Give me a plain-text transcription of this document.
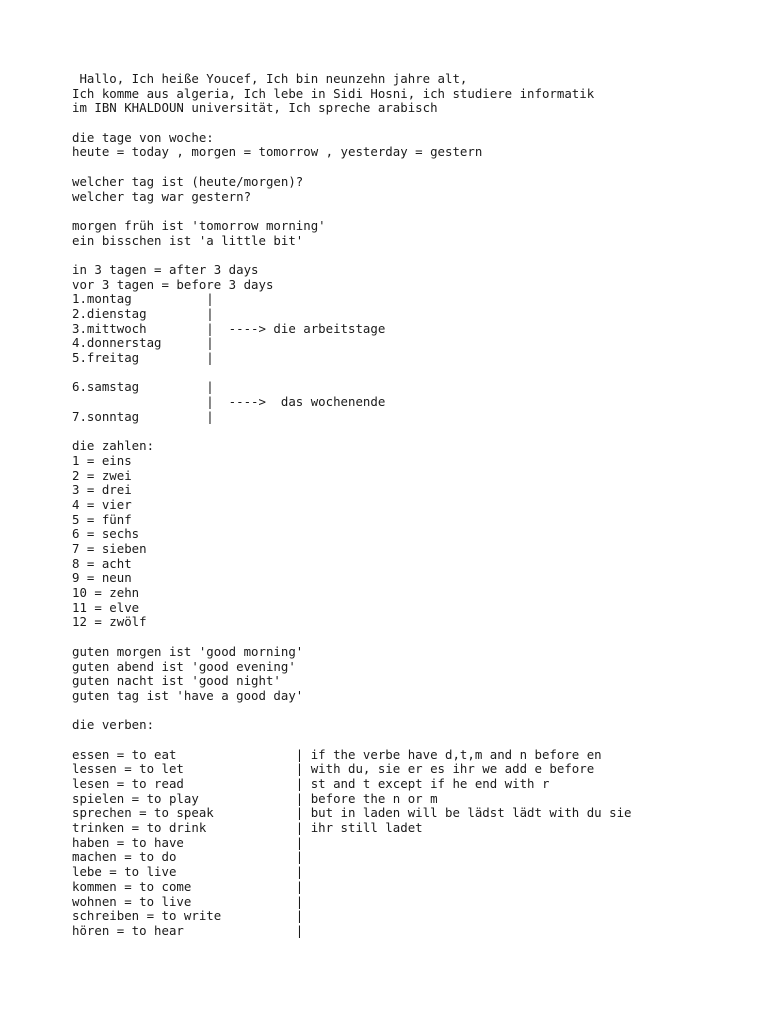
Hallo, Ich heiße Youcef, Ich bin neunzehn jahre alt,
Ich komme aus algeria, Ich lebe in Sidi Hosni, ich studiere informatik
im IBN KHALDOUN universität, Ich spreche arabisch
die tage von woche:
heute = today , morgen = tomorrow , yesterday = gestern
welcher tag ist (heute/morgen)?
welcher tag war gestern?
morgen früh ist 'tomorrow morning'
ein bisschen ist 'a little bit'
in 3 tagen = after 3 days
vor 3 tagen = before 3 days
1.montag          |
2.dienstag        |
3.mittwoch        |  ----> die arbeitstage
4.donnerstag      |
5.freitag         |
6.samstag         |
|  ---->  das wochenende
7.sonntag         |
die zahlen:
1 = eins
2 = zwei
3 = drei
4 = vier
5 = fünf
6 = sechs
7 = sieben
8 = acht
9 = neun
10 = zehn
11 = elve
12 = zwölf
guten morgen ist 'good morning'
guten abend ist 'good evening'
guten nacht ist 'good night'
guten tag ist 'have a good day'
die verben:
essen = to eat                | if the verbe have d,t,m and n before en
lessen = to let               | with du, sie er es ihr we add e before
lesen = to read               | st and t except if he end with r
spielen = to play             | before the n or m
sprechen = to speak           | but in laden will be lädst lädt with du sie
trinken = to drink            | ihr still ladet
haben = to have               |
machen = to do                |
lebe = to live                |
kommen = to come              |
wohnen = to live              |
schreiben = to write          |
hören = to hear               |
